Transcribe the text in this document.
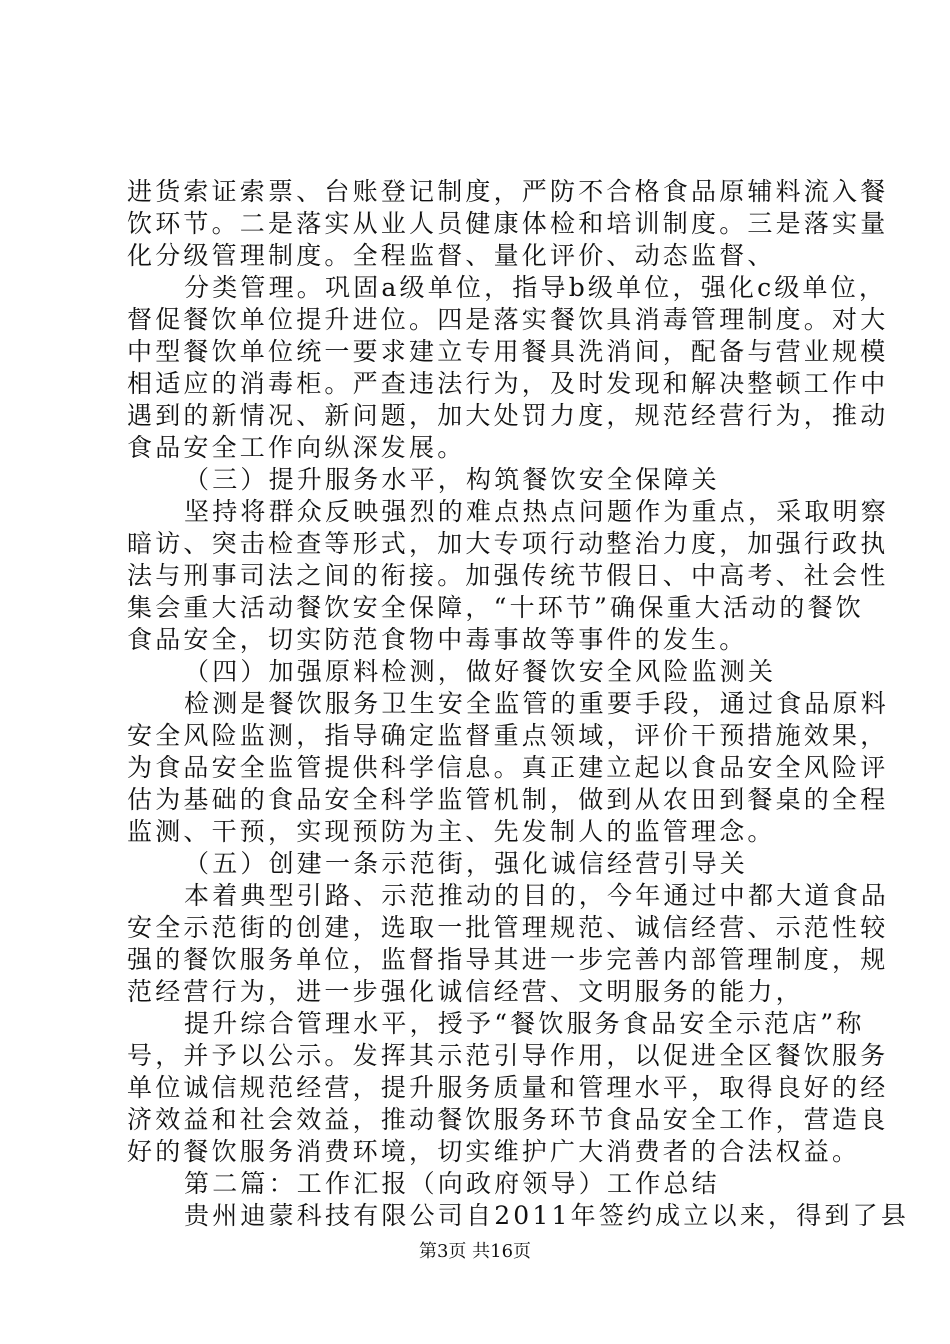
进货索证索票、台账登记制度，严防不合格食品原辅料流入餐
饮环节。二是落实从业人员健康体检和培训制度。三是落实量
化分级管理制度。全程监督、量化评价、动态监督、
分类管理。巩固a级单位，指导b级单位，强化c级单位，
督促餐饮单位提升进位。四是落实餐饮具消毒管理制度。对大
中型餐饮单位统一要求建立专用餐具洗消间，配备与营业规模
相适应的消毒柜。严查违法行为，及时发现和解决整顿工作中
遇到的新情况、新问题，加大处罚力度，规范经营行为，推动
食品安全工作向纵深发展。
（三）提升服务水平，构筑餐饮安全保障关
坚持将群众反映强烈的难点热点问题作为重点，采取明察
暗访、突击检查等形式，加大专项行动整治力度，加强行政执
法与刑事司法之间的衔接。加强传统节假日、中高考、社会性
集会重大活动餐饮安全保障，“十环节”确保重大活动的餐饮
食品安全，切实防范食物中毒事故等事件的发生。
（四）加强原料检测，做好餐饮安全风险监测关
检测是餐饮服务卫生安全监管的重要手段，通过食品原料
安全风险监测，指导确定监督重点领域，评价干预措施效果，
为食品安全监管提供科学信息。真正建立起以食品安全风险评
估为基础的食品安全科学监管机制，做到从农田到餐桌的全程
监测、干预，实现预防为主、先发制人的监管理念。
（五）创建一条示范街，强化诚信经营引导关
本着典型引路、示范推动的目的，今年通过中都大道食品
安全示范街的创建，选取一批管理规范、诚信经营、示范性较
强的餐饮服务单位，监督指导其进一步完善内部管理制度，规
范经营行为，进一步强化诚信经营、文明服务的能力，
提升综合管理水平，授予“餐饮服务食品安全示范店”称
号，并予以公示。发挥其示范引导作用，以促进全区餐饮服务
单位诚信规范经营，提升服务质量和管理水平，取得良好的经
济效益和社会效益，推动餐饮服务环节食品安全工作，营造良
好的餐饮服务消费环境，切实维护广大消费者的合法权益。
第二篇：工作汇报（向政府领导）工作总结
贵州迪蒙科技有限公司自2011年签约成立以来，得到了县
第3页 共16页
